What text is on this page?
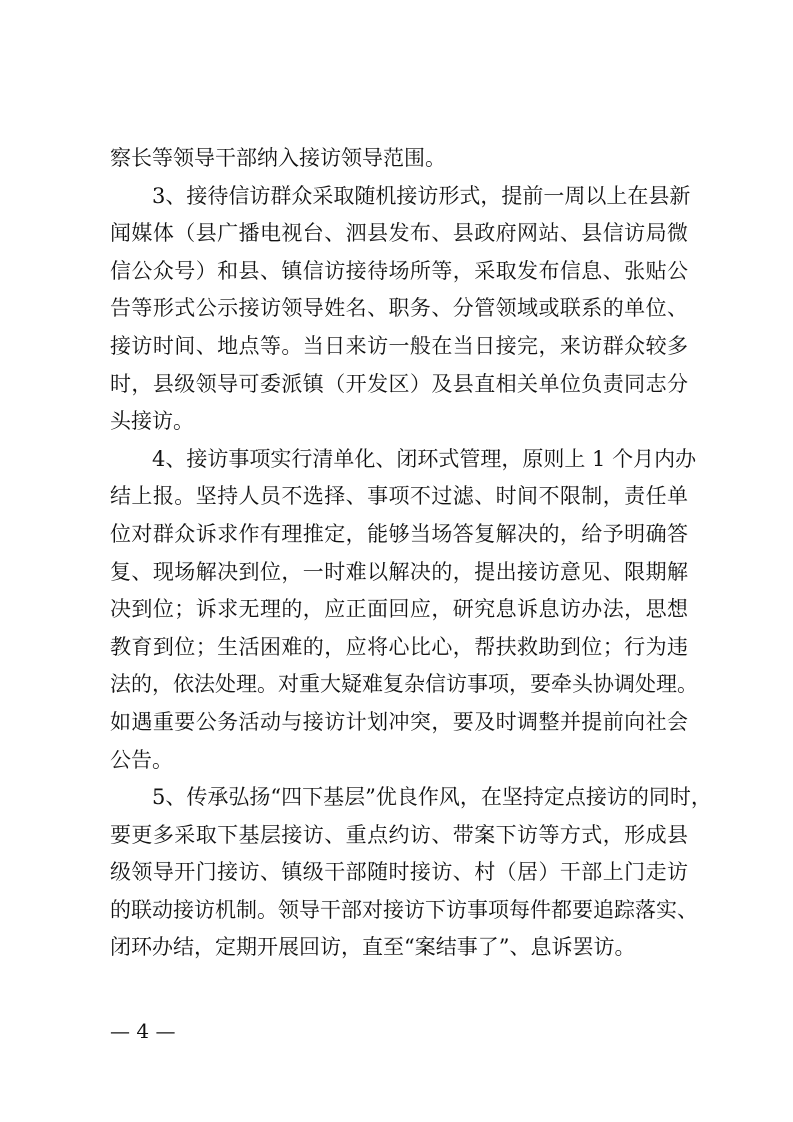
察长等领导干部纳入接访领导范围。
3、接待信访群众采取随机接访形式，提前一周以上在县新
闻媒体（县广播电视台、泗县发布、县政府网站、县信访局微
信公众号）和县、镇信访接待场所等，采取发布信息、张贴公
告等形式公示接访领导姓名、职务、分管领域或联系的单位、
接访时间、地点等。当日来访一般在当日接完，来访群众较多
时，县级领导可委派镇（开发区）及县直相关单位负责同志分
头接访。
4、接访事项实行清单化、闭环式管理，原则上 1 个月内办
结上报。坚持人员不选择、事项不过滤、时间不限制，责任单
位对群众诉求作有理推定，能够当场答复解决的，给予明确答
复、现场解决到位，一时难以解决的，提出接访意见、限期解
决到位；诉求无理的，应正面回应，研究息诉息访办法，思想
教育到位；生活困难的，应将心比心，帮扶救助到位；行为违
法的，依法处理。对重大疑难复杂信访事项，要牵头协调处理。
如遇重要公务活动与接访计划冲突，要及时调整并提前向社会
公告。
5、传承弘扬“四下基层”优良作风，在坚持定点接访的同时，
要更多采取下基层接访、重点约访、带案下访等方式，形成县
级领导开门接访、镇级干部随时接访、村（居）干部上门走访
的联动接访机制。领导干部对接访下访事项每件都要追踪落实、
闭环办结，定期开展回访，直至“案结事了”、息诉罢访。
— 4 —
